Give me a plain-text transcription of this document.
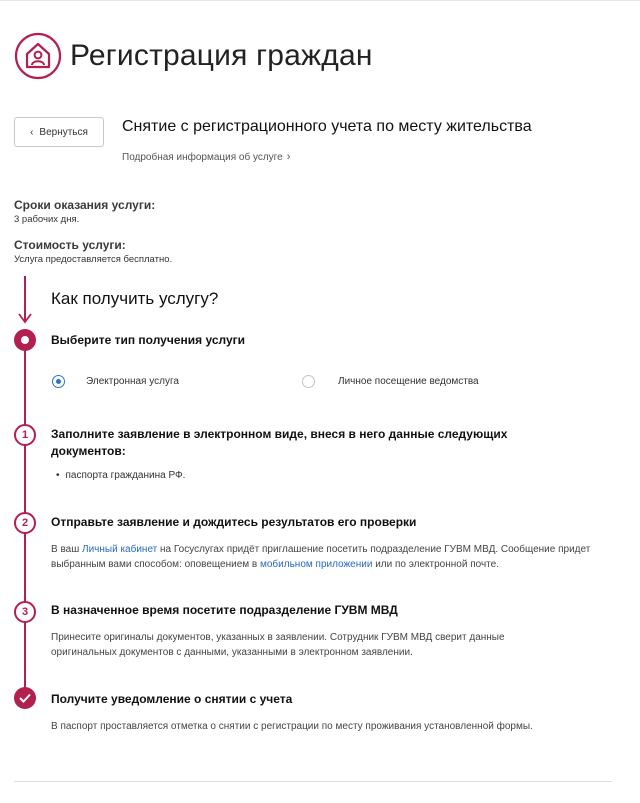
Регистрация граждан
‹ Вернуться Снятие с регистрационного учета по месту жительства
Подробная информация об услуге ›
Сроки оказания услуги:
3 рабочих дня.
Стоимость услуги:
Услуга предоставляется бесплатно.
Как получить услугу?
Выберите тип получения услуги
Электронная услуга	Личное посещение ведомства
1	Заполните заявление в электронном виде, внеся в него данные следующих документов:
• паспорта гражданина РФ.
2	Отправьте заявление и дождитесь результатов его проверки
В ваш Личный кабинет на Госуслугах придёт приглашение посетить подразделение ГУВМ МВД. Сообщение придет выбранным вами способом: оповещением в мобильном приложении или по электронной почте.
3	В назначенное время посетите подразделение ГУВМ МВД
Принесите оригиналы документов, указанных в заявлении. Сотрудник ГУВМ МВД сверит данные оригинальных документов с данными, указанными в электронном заявлении.
Получите уведомление о снятии с учета
В паспорт проставляется отметка о снятии с регистрации по месту проживания установленной формы.
